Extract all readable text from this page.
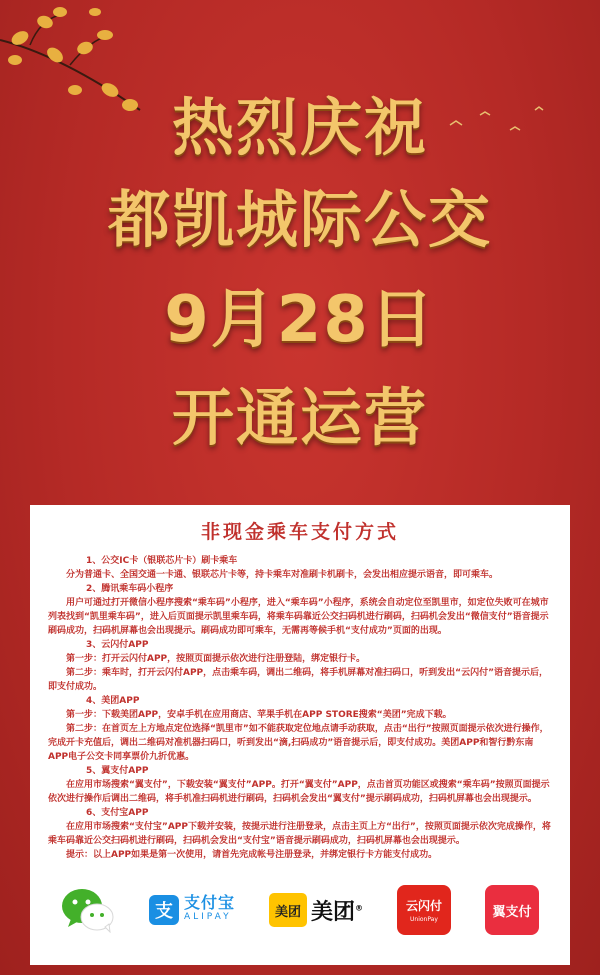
热烈庆祝
都凯城际公交
9月28日
开通运营
非现金乘车支付方式
1、公交IC卡（银联芯片卡）刷卡乘车
分为普通卡、全国交通一卡通、银联芯片卡等，持卡乘车对准刷卡机刷卡，会发出相应提示语音，即可乘车。
2、腾讯乘车码小程序
用户可通过打开微信小程序搜索“乘车码”小程序，进入“乘车码”小程序，系统会自动定位至凯里市，如定位失败可在城市列表找到“凯里乘车码”，进入后页面提示凯里乘车码，将乘车码靠近公交扫码机进行刷码，扫码机会发出“微信支付”语音提示刷码成功，扫码机屏幕也会出现提示。刷码成功即可乘车，无需再等候手机“支付成功”页面的出现。
3、云闪付APP
第一步：打开云闪付APP，按照页面提示依次进行注册登陆，绑定银行卡。
第二步：乘车时，打开云闪付APP，点击乘车码，调出二维码，将手机屏幕对准扫码口，听到发出“云闪付”语音提示后，即支付成功。
4、美团APP
第一步：下载美团APP，安卓手机在应用商店、苹果手机在APP STORE搜索“美团”完成下载。
第二步：在首页左上方地点定位选择“凯里市”如不能获取定位地点请手动获取，点击“出行”按照页面提示依次进行操作，完成开卡充值后，调出二维码对准机器扫码口，听到发出“滴,扫码成功”语音提示后，即支付成功。美团APP和智行黔东南APP电子公交卡同享票价九折优惠。
5、翼支付APP
在应用市场搜索“翼支付”，下载安装“翼支付”APP。打开“翼支付”APP，点击首页功能区或搜索“乘车码”按照页面提示依次进行操作后调出二维码，将手机准扫码机进行刷码，扫码机会发出“翼支付”提示刷码成功，扫码机屏幕也会出现提示。
6、支付宝APP
在应用市场搜索“支付宝”APP下载并安装，按提示进行注册登录，点击主页上方“出行”，按照页面提示依次完成操作，将乘车码靠近公交扫码机进行刷码，扫码机会发出“支付宝”语音提示刷码成功，扫码机屏幕也会出现提示。
提示：以上APP如果是第一次使用，请首先完成帐号注册登录，并绑定银行卡方能支付成功。
支 支付宝
ALIPAY	美团 美团®	云闪付
UnionPay	翼支付
